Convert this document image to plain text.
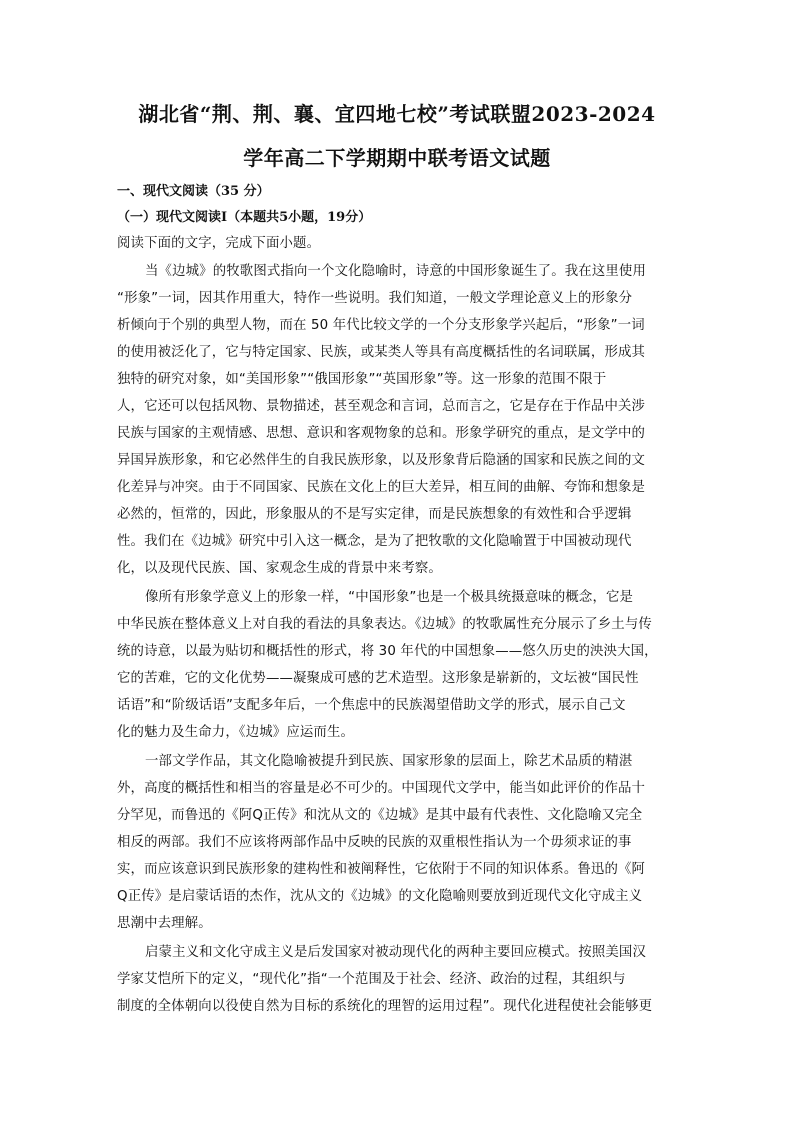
湖北省“荆、荆、襄、宜四地七校”考试联盟2023-2024
学年高二下学期期中联考语文试题
一、现代文阅读（35 分）
（一）现代文阅读Ⅰ（本题共5小题，19分）
阅读下面的文字，完成下面小题。
当《边城》的牧歌图式指向一个文化隐喻时，诗意的中国形象诞生了。我在这里使用
“形象”一词，因其作用重大，特作一些说明。我们知道，一般文学理论意义上的形象分
析倾向于个别的典型人物，而在 50 年代比较文学的一个分支形象学兴起后，“形象”一词
的使用被泛化了，它与特定国家、民族，或某类人等具有高度概括性的名词联属，形成其
独特的研究对象，如“美国形象”“俄国形象”“英国形象”等。这一形象的范围不限于
人，它还可以包括风物、景物描述，甚至观念和言词，总而言之，它是存在于作品中关涉
民族与国家的主观情感、思想、意识和客观物象的总和。形象学研究的重点，是文学中的
异国异族形象，和它必然伴生的自我民族形象，以及形象背后隐涵的国家和民族之间的文
化差异与冲突。由于不同国家、民族在文化上的巨大差异，相互间的曲解、夸饰和想象是
必然的，恒常的，因此，形象服从的不是写实定律，而是民族想象的有效性和合乎逻辑
性。我们在《边城》研究中引入这一概念，是为了把牧歌的文化隐喻置于中国被动现代
化，以及现代民族、国、家观念生成的背景中来考察。
像所有形象学意义上的形象一样，“中国形象”也是一个极具统摄意味的概念，它是
中华民族在整体意义上对自我的看法的具象表达。《边城》的牧歌属性充分展示了乡土与传
统的诗意，以最为贴切和概括性的形式，将 30 年代的中国想象——悠久历史的泱泱大国，
它的苦难，它的文化优势——凝聚成可感的艺术造型。这形象是崭新的，文坛被“国民性
话语”和“阶级话语”支配多年后，一个焦虑中的民族渴望借助文学的形式，展示自己文
化的魅力及生命力，《边城》应运而生。
一部文学作品，其文化隐喻被提升到民族、国家形象的层面上，除艺术品质的精湛
外，高度的概括性和相当的容量是必不可少的。中国现代文学中，能当如此评价的作品十
分罕见，而鲁迅的《阿Q正传》和沈从文的《边城》是其中最有代表性、文化隐喻又完全
相反的两部。我们不应该将两部作品中反映的民族的双重根性指认为一个毋须求证的事
实，而应该意识到民族形象的建构性和被阐释性，它依附于不同的知识体系。鲁迅的《阿
Q正传》是启蒙话语的杰作，沈从文的《边城》的文化隐喻则要放到近现代文化守成主义
思潮中去理解。
启蒙主义和文化守成主义是后发国家对被动现代化的两种主要回应模式。按照美国汉
学家艾恺所下的定义，“现代化”指“一个范围及于社会、经济、政治的过程，其组织与
制度的全体朝向以役使自然为目标的系统化的理智的运用过程”。现代化进程使社会能够更
